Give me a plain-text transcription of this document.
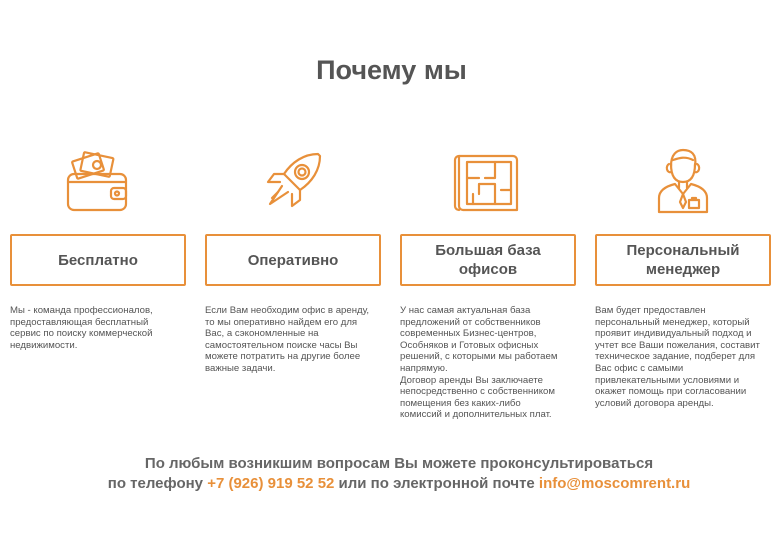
Почему мы
Бесплатно
Мы - команда профессионалов,
предоставляющая бесплатный
сервис по поиску коммерческой
недвижимости.
Оперативно
Если Вам необходим офис в аренду,
то мы оперативно найдем его для
Вас, а сэкономленные на
самостоятельном поиске часы Вы
можете потратить на другие более
важные задачи.
Большая база офисов
У нас самая актуальная база
предложений от собственников
современных Бизнес-центров,
Особняков и Готовых офисных
решений, с которыми мы работаем
напрямую.
Договор аренды Вы заключаете
непосредственно с собственником
помещения без каких-либо
комиссий и дополнительных плат.
Персональный менеджер
Вам будет предоставлен
персональный менеджер, который
проявит индивидуальный подход и
учтет все Ваши пожелания, составит
техническое задание, подберет для
Вас офис с самыми
привлекательными условиями и
окажет помощь при согласовании
условий договора аренды.
По любым возникшим вопросам Вы можете проконсультироваться
по телефону +7 (926) 919 52 52 или по электронной почте info@moscomrent.ru
